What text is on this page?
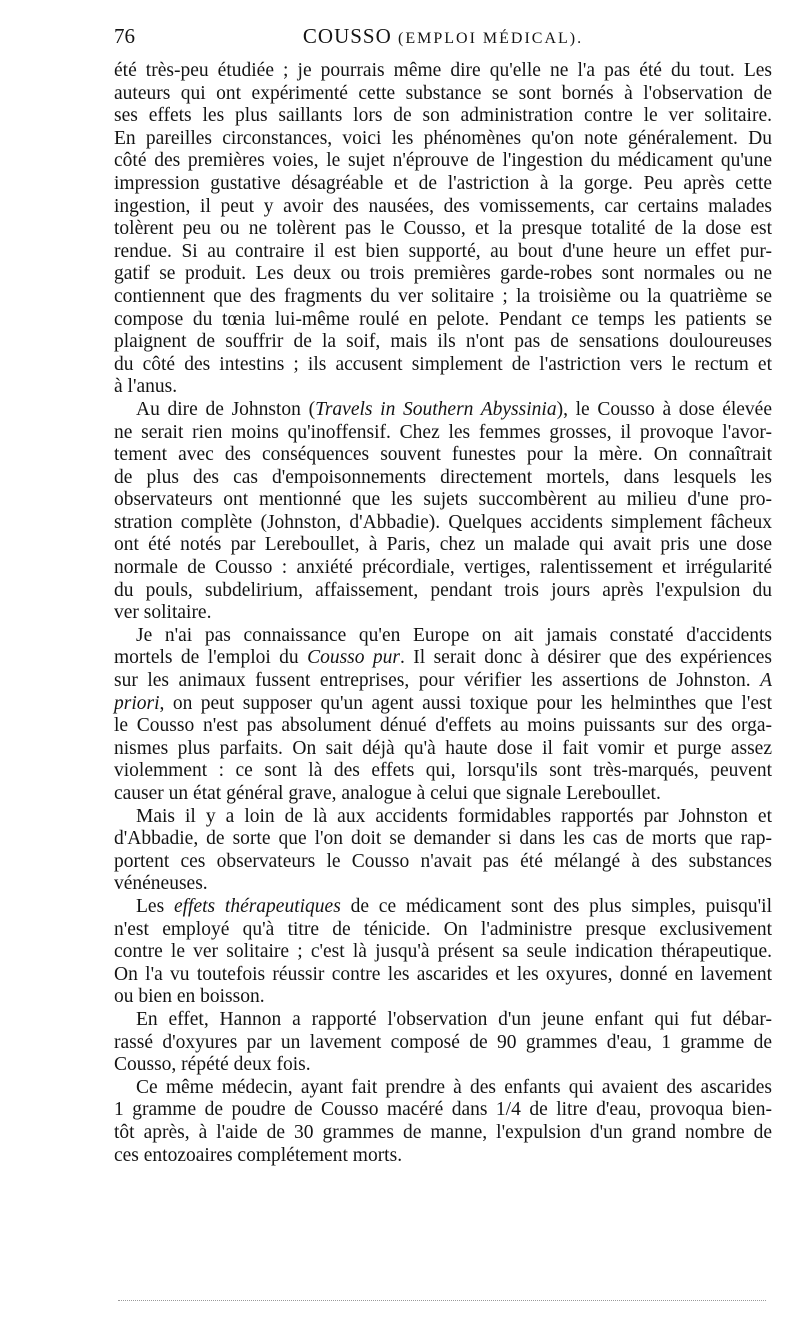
76	COUSSO (EMPLOI MÉDICAL).
été très-peu étudiée ; je pourrais même dire qu'elle ne l'a pas été du tout. Les
auteurs qui ont expérimenté cette substance se sont bornés à l'observation de
ses effets les plus saillants lors de son administration contre le ver solitaire.
En pareilles circonstances, voici les phénomènes qu'on note généralement. Du
côté des premières voies, le sujet n'éprouve de l'ingestion du médicament qu'une
impression gustative désagréable et de l'astriction à la gorge. Peu après cette
ingestion, il peut y avoir des nausées, des vomissements, car certains malades
tolèrent peu ou ne tolèrent pas le Cousso, et la presque totalité de la dose est
rendue. Si au contraire il est bien supporté, au bout d'une heure un effet pur-
gatif se produit. Les deux ou trois premières garde-robes sont normales ou ne
contiennent que des fragments du ver solitaire ; la troisième ou la quatrième se
compose du tœnia lui-même roulé en pelote. Pendant ce temps les patients se
plaignent de souffrir de la soif, mais ils n'ont pas de sensations douloureuses
du côté des intestins ; ils accusent simplement de l'astriction vers le rectum et
à l'anus.
Au dire de Johnston (Travels in Southern Abyssinia), le Cousso à dose élevée
ne serait rien moins qu'inoffensif. Chez les femmes grosses, il provoque l'avor-
tement avec des conséquences souvent funestes pour la mère. On connaîtrait
de plus des cas d'empoisonnements directement mortels, dans lesquels les
observateurs ont mentionné que les sujets succombèrent au milieu d'une pro-
stration complète (Johnston, d'Abbadie). Quelques accidents simplement fâcheux
ont été notés par Lereboullet, à Paris, chez un malade qui avait pris une dose
normale de Cousso : anxiété précordiale, vertiges, ralentissement et irrégularité
du pouls, subdelirium, affaissement, pendant trois jours après l'expulsion du
ver solitaire.
Je n'ai pas connaissance qu'en Europe on ait jamais constaté d'accidents
mortels de l'emploi du Cousso pur. Il serait donc à désirer que des expériences
sur les animaux fussent entreprises, pour vérifier les assertions de Johnston. A
priori, on peut supposer qu'un agent aussi toxique pour les helminthes que l'est
le Cousso n'est pas absolument dénué d'effets au moins puissants sur des orga-
nismes plus parfaits. On sait déjà qu'à haute dose il fait vomir et purge assez
violemment : ce sont là des effets qui, lorsqu'ils sont très-marqués, peuvent
causer un état général grave, analogue à celui que signale Lereboullet.
Mais il y a loin de là aux accidents formidables rapportés par Johnston et
d'Abbadie, de sorte que l'on doit se demander si dans les cas de morts que rap-
portent ces observateurs le Cousso n'avait pas été mélangé à des substances
vénéneuses.
Les effets thérapeutiques de ce médicament sont des plus simples, puisqu'il
n'est employé qu'à titre de ténicide. On l'administre presque exclusivement
contre le ver solitaire ; c'est là jusqu'à présent sa seule indication thérapeutique.
On l'a vu toutefois réussir contre les ascarides et les oxyures, donné en lavement
ou bien en boisson.
En effet, Hannon a rapporté l'observation d'un jeune enfant qui fut débar-
rassé d'oxyures par un lavement composé de 90 grammes d'eau, 1 gramme de
Cousso, répété deux fois.
Ce même médecin, ayant fait prendre à des enfants qui avaient des ascarides
1 gramme de poudre de Cousso macéré dans 1/4 de litre d'eau, provoqua bien-
tôt après, à l'aide de 30 grammes de manne, l'expulsion d'un grand nombre de
ces entozoaires complétement morts.
